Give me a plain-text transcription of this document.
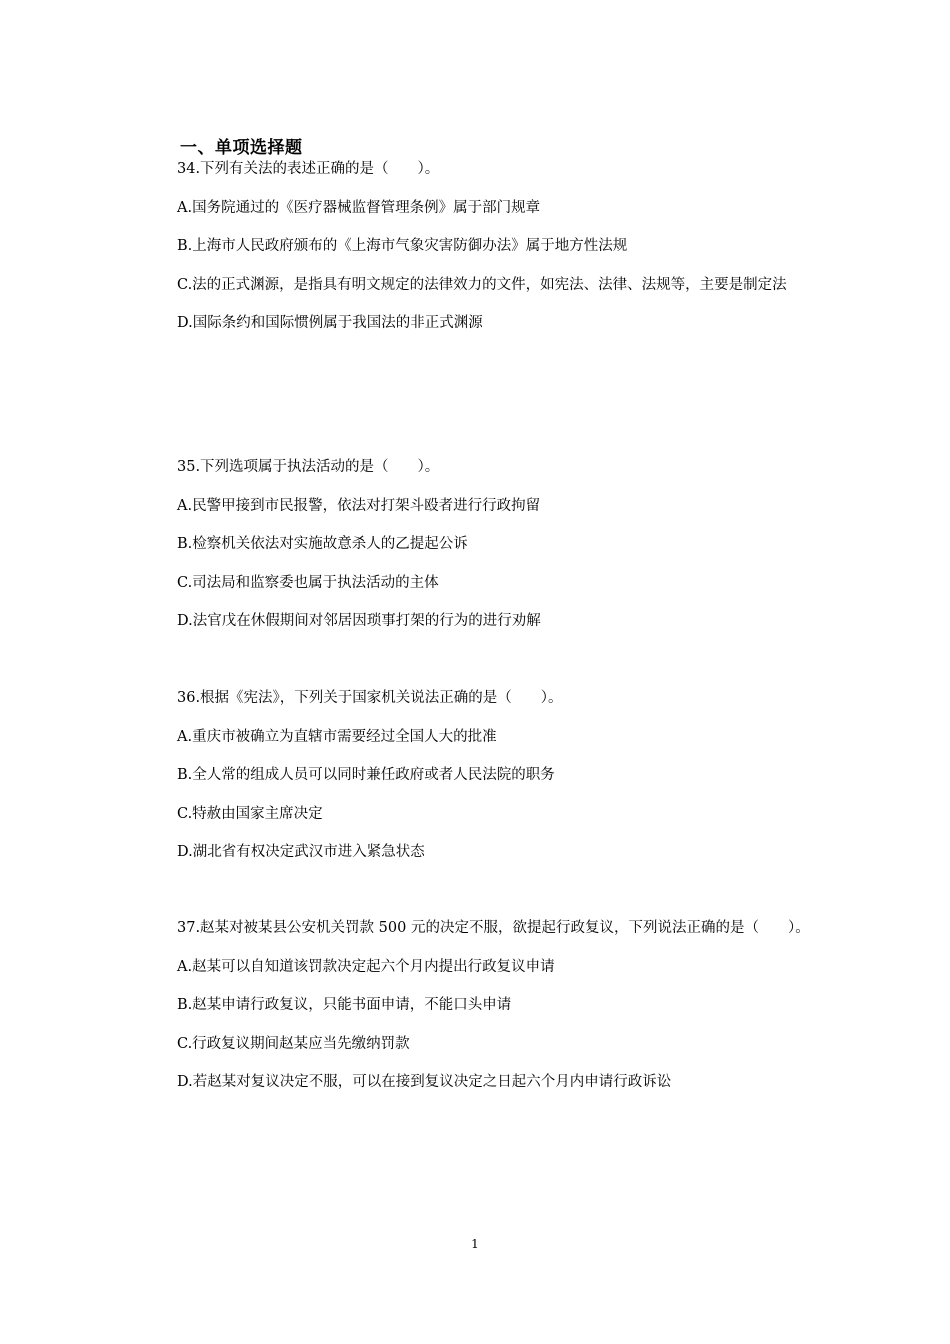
一、单项选择题

34.下列有关法的表述正确的是（　　）。

A.国务院通过的《医疗器械监督管理条例》属于部门规章

B.上海市人民政府颁布的《上海市气象灾害防御办法》属于地方性法规

C.法的正式渊源，是指具有明文规定的法律效力的文件，如宪法、法律、法规等，主要是制定法

D.国际条约和国际惯例属于我国法的非正式渊源

35.下列选项属于执法活动的是（　　）。

A.民警甲接到市民报警，依法对打架斗殴者进行行政拘留

B.检察机关依法对实施故意杀人的乙提起公诉

C.司法局和监察委也属于执法活动的主体

D.法官戊在休假期间对邻居因琐事打架的行为的进行劝解

36.根据《宪法》，下列关于国家机关说法正确的是（　　）。

A.重庆市被确立为直辖市需要经过全国人大的批准

B.全人常的组成人员可以同时兼任政府或者人民法院的职务

C.特赦由国家主席决定

D.湖北省有权决定武汉市进入紧急状态

37.赵某对被某县公安机关罚款 500 元的决定不服，欲提起行政复议，下列说法正确的是（　　）。

A.赵某可以自知道该罚款决定起六个月内提出行政复议申请

B.赵某申请行政复议，只能书面申请，不能口头申请

C.行政复议期间赵某应当先缴纳罚款

D.若赵某对复议决定不服，可以在接到复议决定之日起六个月内申请行政诉讼

1
